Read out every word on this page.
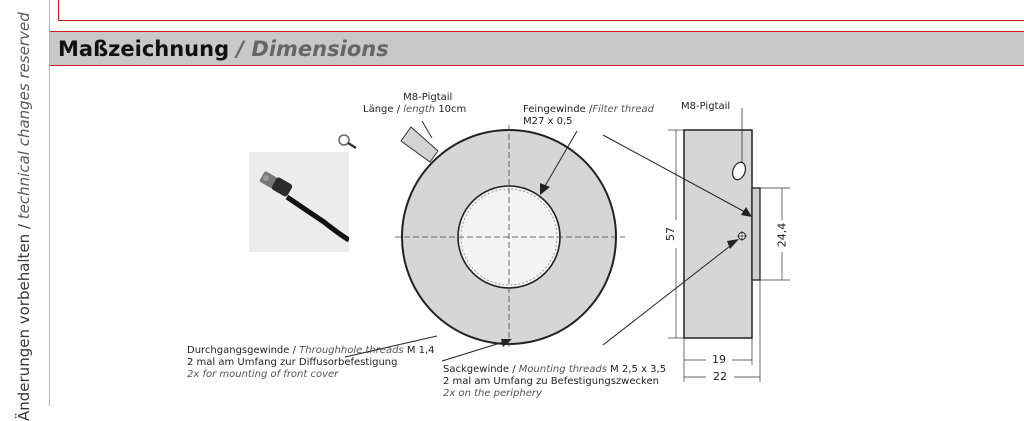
Änderungen vorbehalten / technical changes reserved Maßzeichnung / Dimensions
57	24,4
19
22
M8-Pigtail
Länge / length 10cm	Feingewinde /Filter thread
M27 x 0,5
M8-Pigtail
Durchgangsgewinde / Throughhole threads M 1,4
2 mal am Umfang zur Diffusorbefestigung
2x for mounting of front cover	Sackgewinde / Mounting threads M 2,5 x 3,5
2 mal am Umfang zu Befestigungszwecken
2x on the periphery
